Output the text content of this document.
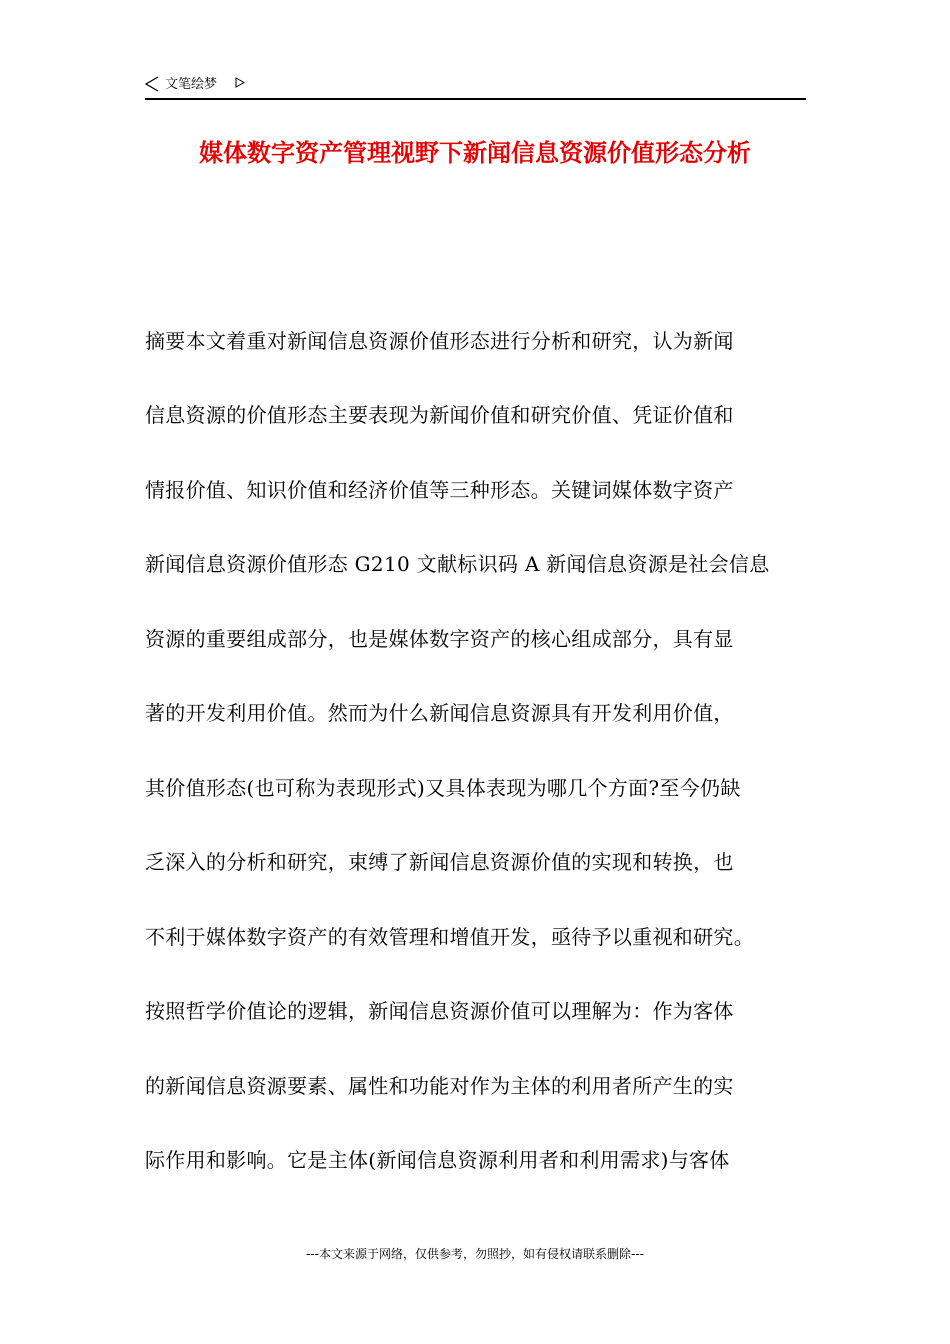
文笔绘梦
媒体数字资产管理视野下新闻信息资源价值形态分析
摘要本文着重对新闻信息资源价值形态进行分析和研究，认为新闻
信息资源的价值形态主要表现为新闻价值和研究价值、凭证价值和
情报价值、知识价值和经济价值等三种形态。关键词媒体数字资产
新闻信息资源价值形态 G210 文献标识码 A 新闻信息资源是社会信息
资源的重要组成部分，也是媒体数字资产的核心组成部分，具有显
著的开发利用价值。然而为什么新闻信息资源具有开发利用价值，
其价值形态(也可称为表现形式)又具体表现为哪几个方面?至今仍缺
乏深入的分析和研究，束缚了新闻信息资源价值的实现和转换，也
不利于媒体数字资产的有效管理和增值开发，亟待予以重视和研究。
按照哲学价值论的逻辑，新闻信息资源价值可以理解为：作为客体
的新闻信息资源要素、属性和功能对作为主体的利用者所产生的实
际作用和影响。它是主体(新闻信息资源利用者和利用需求)与客体
---本文来源于网络，仅供参考，勿照抄，如有侵权请联系删除---
